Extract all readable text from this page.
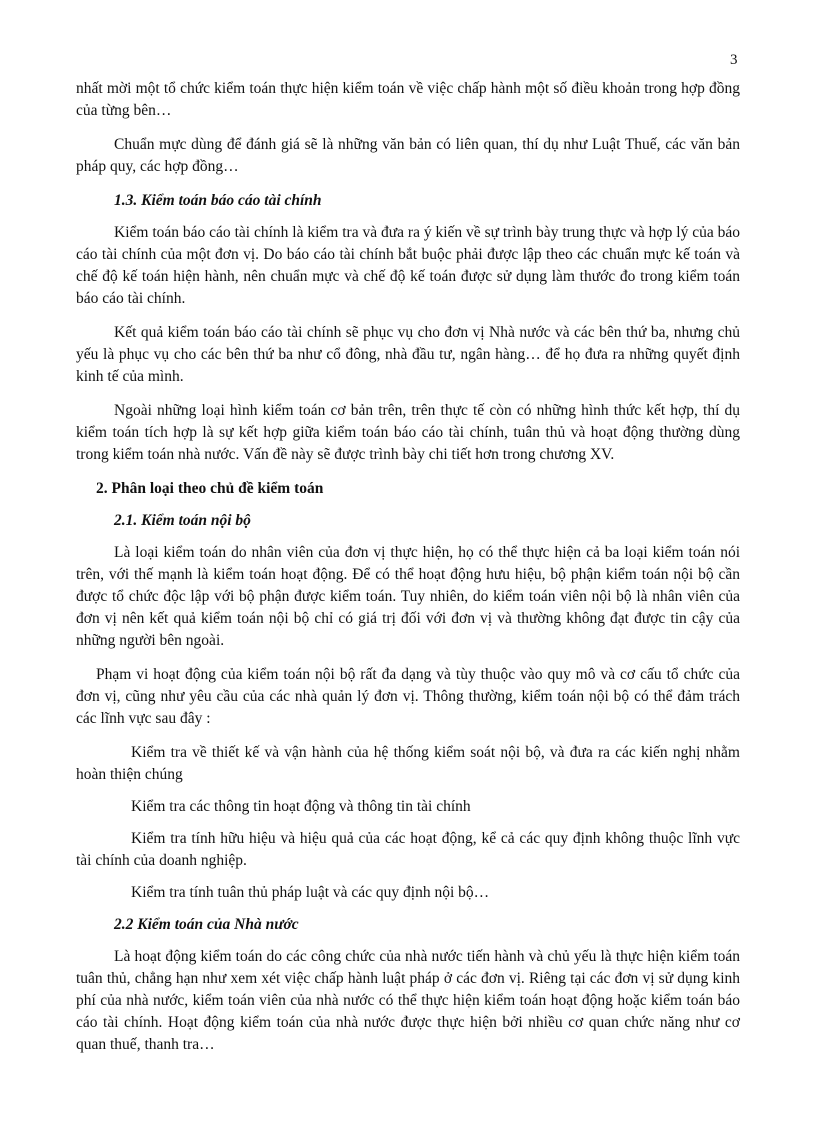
3

nhất mời một tổ chức kiểm toán thực hiện kiểm toán về việc chấp hành một số điều khoản trong hợp đồng của từng bên…

Chuẩn mực dùng để đánh giá sẽ là những văn bản có liên quan, thí dụ như Luật Thuế, các văn bản pháp quy, các hợp đồng…

1.3. Kiểm toán báo cáo tài chính

Kiểm toán báo cáo tài chính là kiểm tra và đưa ra ý kiến về sự trình bày trung thực và hợp lý của báo cáo tài chính của một đơn vị. Do báo cáo tài chính bắt buộc phải được lập theo các chuẩn mực kế toán và chế độ kế toán hiện hành, nên chuẩn mực và chế độ kế toán được sử dụng làm thước đo trong kiểm toán báo cáo tài chính.

Kết quả kiểm toán báo cáo tài chính sẽ phục vụ cho đơn vị Nhà nước và các bên thứ ba, nhưng chủ yếu là phục vụ cho các bên thứ ba như cổ đông, nhà đầu tư, ngân hàng… để họ đưa ra những quyết định kinh tế của mình.

Ngoài những loại hình kiểm toán cơ bản trên, trên thực tế còn có những hình thức kết hợp, thí dụ kiểm toán tích hợp là sự kết hợp giữa kiểm toán báo cáo tài chính, tuân thủ và hoạt động thường dùng trong kiểm toán nhà nước. Vấn đề này sẽ được trình bày chi tiết hơn trong chương XV.

2. Phân loại theo chủ đề kiểm toán
2.1. Kiểm toán nội bộ

Là loại kiểm toán do nhân viên của đơn vị thực hiện, họ có thể thực hiện cả ba loại kiểm toán nói trên, với thế mạnh là kiểm toán hoạt động. Để có thể hoạt động hưu hiệu, bộ phận kiểm toán nội bộ cần được tổ chức độc lập với bộ phận được kiểm toán. Tuy nhiên, do kiểm toán viên nội bộ là nhân viên của đơn vị nên kết quả kiểm toán nội bộ chỉ có giá trị đối với đơn vị và thường không đạt được tin cậy của những người bên ngoài.

Phạm vi hoạt động của kiểm toán nội bộ rất đa dạng và tùy thuộc vào quy mô và cơ cấu tổ chức của đơn vị, cũng như yêu cầu của các nhà quản lý đơn vị. Thông thường, kiểm toán nội bộ có thể đảm trách các lĩnh vực sau đây :

Kiểm tra về thiết kế và vận hành của hệ thống kiểm soát nội bộ, và đưa ra các kiến nghị nhằm hoàn thiện chúng

Kiểm tra các thông tin hoạt động và thông tin tài chính

Kiểm tra tính hữu hiệu và hiệu quả của các hoạt động, kể cả các quy định không thuộc lĩnh vực tài chính của doanh nghiệp.

Kiểm tra tính tuân thủ pháp luật và các quy định nội bộ…

2.2 Kiểm toán của Nhà nước

Là hoạt động kiểm toán do các công chức của nhà nước tiến hành và chủ yếu là thực hiện kiểm toán tuân thủ, chẳng hạn như xem xét việc chấp hành luật pháp ở các đơn vị. Riêng tại các đơn vị sử dụng kinh phí của nhà nước, kiểm toán viên của nhà nước có thể thực hiện kiểm toán hoạt động hoặc kiểm toán báo cáo tài chính. Hoạt động kiểm toán của nhà nước được thực hiện bởi nhiều cơ quan chức năng như cơ quan thuế, thanh tra…
